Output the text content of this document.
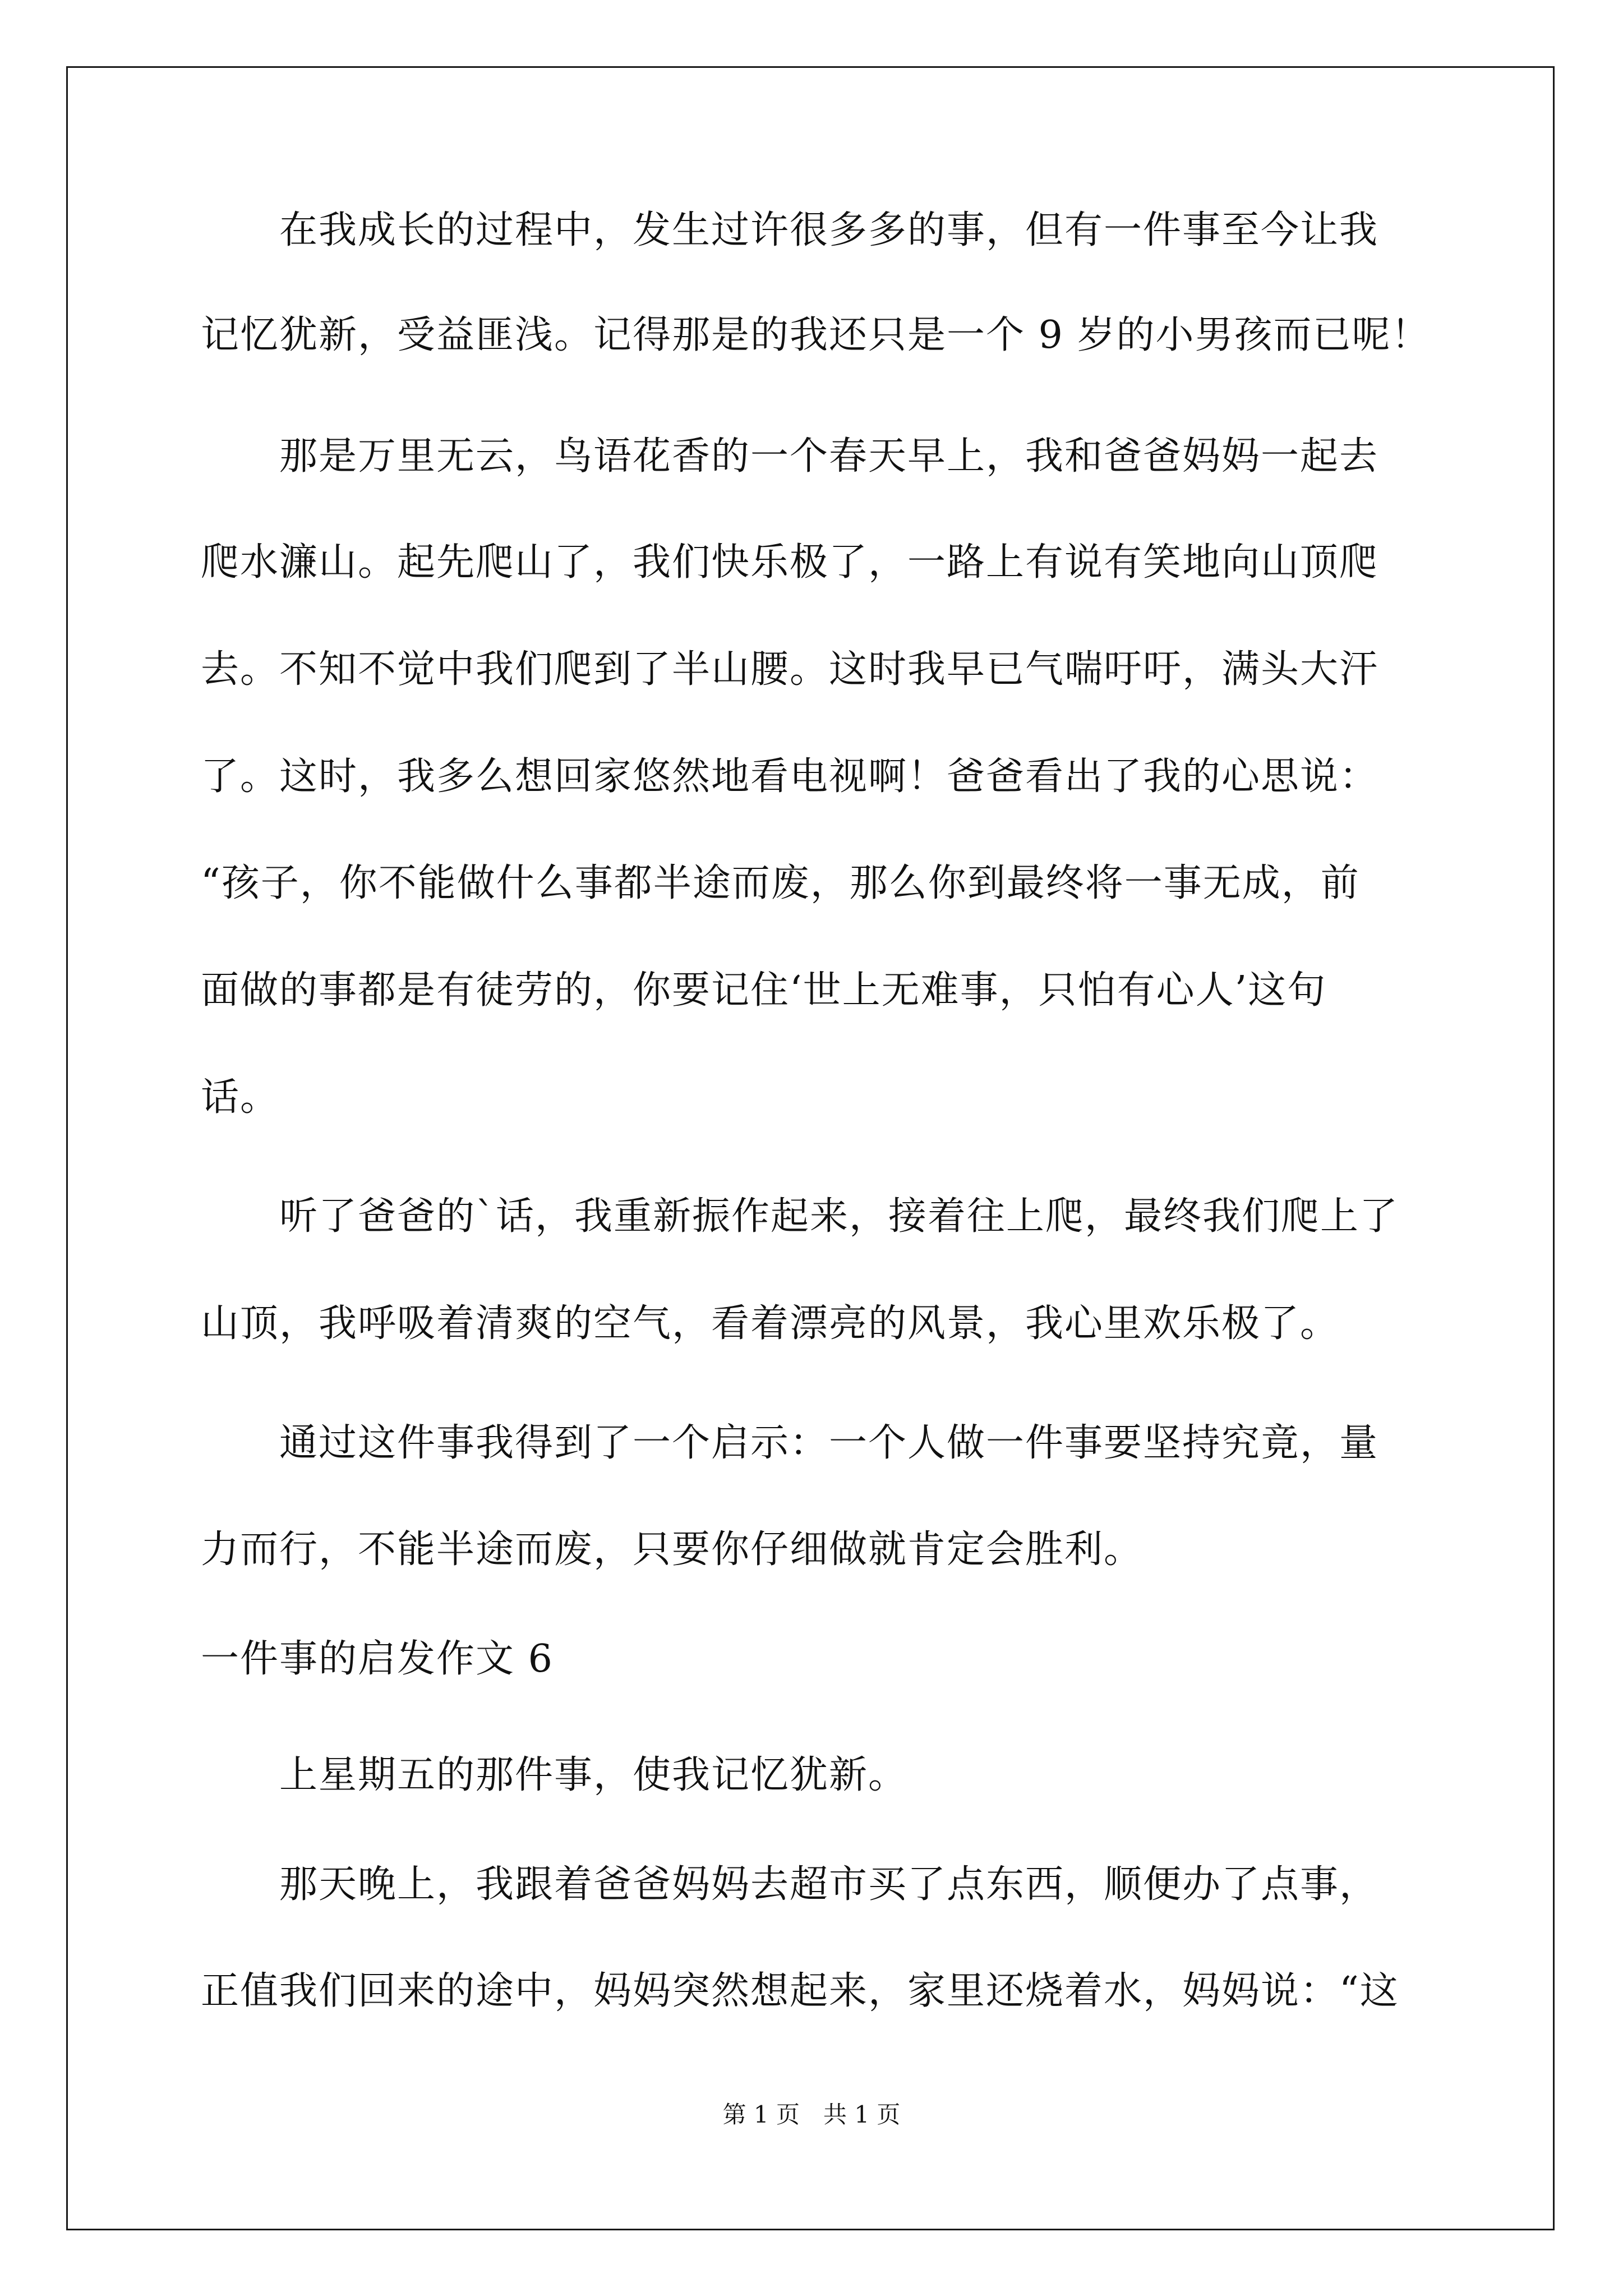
　　在我成长的过程中，发生过许很多多的事，但有一件事至今让我
记忆犹新，受益匪浅。记得那是的我还只是一个 9 岁的小男孩而已呢！
　　那是万里无云，鸟语花香的一个春天早上，我和爸爸妈妈一起去
爬水濂山。起先爬山了，我们快乐极了，一路上有说有笑地向山顶爬
去。不知不觉中我们爬到了半山腰。这时我早已气喘吁吁，满头大汗
了。这时，我多么想回家悠然地看电视啊！爸爸看出了我的心思说：
“孩子，你不能做什么事都半途而废，那么你到最终将一事无成，前
面做的事都是有徒劳的，你要记住‘世上无难事，只怕有心人’这句
话。
　　听了爸爸的`话，我重新振作起来，接着往上爬，最终我们爬上了
山顶，我呼吸着清爽的空气，看着漂亮的风景，我心里欢乐极了。
　　通过这件事我得到了一个启示：一个人做一件事要坚持究竟，量
力而行，不能半途而废，只要你仔细做就肯定会胜利。
一件事的启发作文 6
　　上星期五的那件事，使我记忆犹新。
　　那天晚上，我跟着爸爸妈妈去超市买了点东西，顺便办了点事，
正值我们回来的途中，妈妈突然想起来，家里还烧着水，妈妈说：“这
第 1 页　共 1 页
